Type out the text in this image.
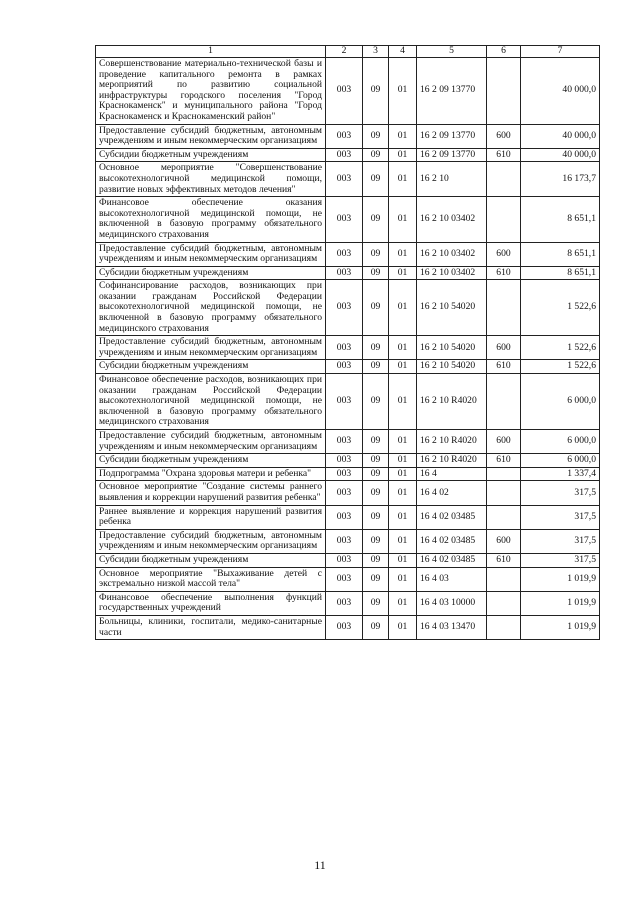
1	2	3	4	5	6	7
Совершенствование материально-технической базы и проведение капитального ремонта в рамках мероприятий по развитию социальной инфраструктуры городского поселения "Город Краснокаменск" и муниципального района "Город Краснокаменск и Краснокаменский район"	003	09	01	16 2 09 13770		40 000,0
Предоставление субсидий бюджетным, автономным учреждениям и иным некоммерческим организациям	003	09	01	16 2 09 13770	600	40 000,0
Субсидии бюджетным учреждениям	003	09	01	16 2 09 13770	610	40 000,0
Основное мероприятие "Совершенствование высокотехнологичной медицинской помощи, развитие новых эффективных методов лечения"	003	09	01	16 2 10		16 173,7
Финансовое обеспечение оказания высокотехнологичной медицинской помощи, не включенной в базовую программу обязательного медицинского страхования	003	09	01	16 2 10 03402		8 651,1
Предоставление субсидий бюджетным, автономным учреждениям и иным некоммерческим организациям	003	09	01	16 2 10 03402	600	8 651,1
Субсидии бюджетным учреждениям	003	09	01	16 2 10 03402	610	8 651,1
Софинансирование расходов, возникающих при оказании гражданам Российской Федерации высокотехнологичной медицинской помощи, не включенной в базовую программу обязательного медицинского страхования	003	09	01	16 2 10 54020		1 522,6
Предоставление субсидий бюджетным, автономным учреждениям и иным некоммерческим организациям	003	09	01	16 2 10 54020	600	1 522,6
Субсидии бюджетным учреждениям	003	09	01	16 2 10 54020	610	1 522,6
Финансовое обеспечение расходов, возникающих при оказании гражданам Российской Федерации высокотехнологичной медицинской помощи, не включенной в базовую программу обязательного медицинского страхования	003	09	01	16 2 10 R4020		6 000,0
Предоставление субсидий бюджетным, автономным учреждениям и иным некоммерческим организациям	003	09	01	16 2 10 R4020	600	6 000,0
Субсидии бюджетным учреждениям	003	09	01	16 2 10 R4020	610	6 000,0
Подпрограмма "Охрана здоровья матери и ребенка"	003	09	01	16 4		1 337,4
Основное мероприятие "Создание системы раннего выявления и коррекции нарушений развития ребенка"	003	09	01	16 4 02		317,5
Раннее выявление и коррекция нарушений развития ребенка	003	09	01	16 4 02 03485		317,5
Предоставление субсидий бюджетным, автономным учреждениям и иным некоммерческим организациям	003	09	01	16 4 02 03485	600	317,5
Субсидии бюджетным учреждениям	003	09	01	16 4 02 03485	610	317,5
Основное мероприятие "Выхаживание детей с экстремально низкой массой тела"	003	09	01	16 4 03		1 019,9
Финансовое обеспечение выполнения функций государственных учреждений	003	09	01	16 4 03 10000		1 019,9
Больницы, клиники, госпитали, медико-санитарные части	003	09	01	16 4 03 13470		1 019,9
11
